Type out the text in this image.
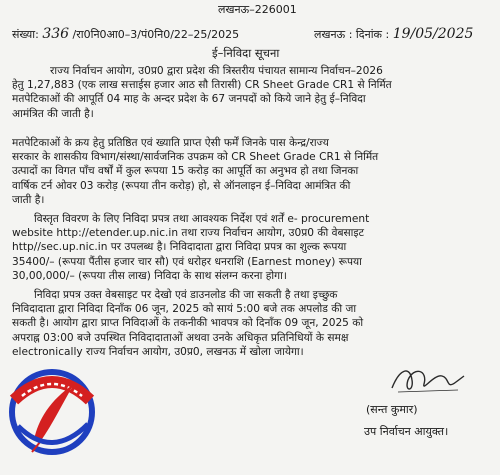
लखनऊ–226001
संख्या: 336 /रा0नि0आ0–3/पं0नि0/22–25/2025	लखनऊ : दिनांक : 19/05/2025
ई–निविदा सूचना
राज्य निर्वाचन आयोग, उ0प्र0 द्वारा प्रदेश की त्रिस्तरीय पंचायत सामान्य निर्वाचन–2026
हेतु 1,27,883 (एक लाख सत्ताईस हजार आठ सौ तिरासी) CR Sheet Grade CR1 से निर्मित
मतपेटिकाओं की आपूर्ति 04 माह के अन्दर प्रदेश के 67 जनपदों को किये जाने हेतु ई–निविदा
आमंत्रित की जाती है।
मतपेटिकाओं के क्रय हेतु प्रतिष्ठित एवं ख्याति प्राप्त ऐसी फर्में जिनके पास केन्द्र/राज्य
सरकार के शासकीय विभाग/संस्था/सार्वजनिक उपक्रम को CR Sheet Grade CR1 से निर्मित
उत्पादों का विगत पाँच वर्षों में कुल रूपया 15 करोड़ का आपूर्ति का अनुभव हो तथा जिनका
वार्षिक टर्न ओवर 03 करोड़ (रूपया तीन करोड़) हो, से ऑनलाइन ई–निविदा आमंत्रित की
जाती है।
विस्तृत विवरण के लिए निविदा प्रपत्र तथा आवश्यक निर्देश एवं शर्तें e- procurement
website http://etender.up.nic.in तथा राज्य निर्वाचन आयोग, उ0प्र0 की वेबसाइट
http//sec.up.nic.in पर उपलब्ध है। निविदादाता द्वारा निविदा प्रपत्र का शुल्क रूपया
35400/– (रूपया पैंतीस हजार चार सौ) एवं धरोहर धनराशि (Earnest money) रूपया
30,00,000/– (रूपया तीस लाख) निविदा के साथ संलग्न करना होगा।
निविदा प्रपत्र उक्त वेबसाइट पर देखो एवं डाउनलोड की जा सकती है तथा इच्छुक
निविदादाता द्वारा निविदा दिनाँक 06 जून, 2025 को सायं 5:00 बजे तक अपलोड की जा
सकती है। आयोग द्वारा प्राप्त निविदाओं के तकनीकी भावपत्र को दिनाँक 09 जून, 2025 को
अपराह्न 03:00 बजे उपस्थित निविदादाताओं अथवा उनके अधिकृत प्रतिनिधियों के समक्ष
electronically राज्य निर्वाचन आयोग, उ0प्र0, लखनऊ में खोला जायेगा।
(सन्त कुमार)
उप निर्वाचन आयुक्त।
